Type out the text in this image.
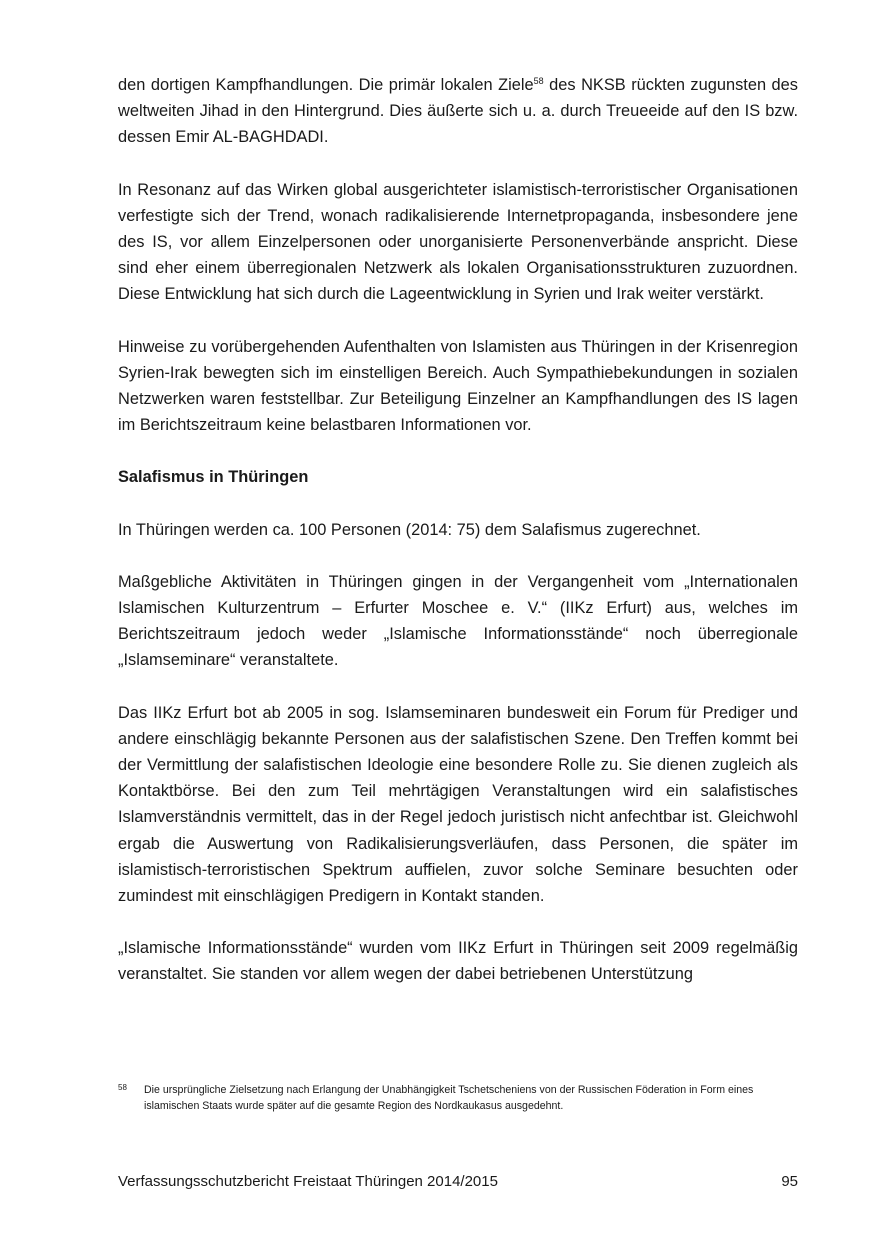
den dortigen Kampfhandlungen. Die primär lokalen Ziele$^{58}$ des NKSB rückten zugunsten des weltweiten Jihad in den Hintergrund. Dies äußerte sich u. a. durch Treueeide auf den IS bzw. dessen Emir AL-BAGHDADI.

In Resonanz auf das Wirken global ausgerichteter islamistisch-terroristischer Organisationen verfestigte sich der Trend, wonach radikalisierende Internetpropaganda, insbesondere jene des IS, vor allem Einzelpersonen oder unorganisierte Personenverbände anspricht. Diese sind eher einem überregionalen Netzwerk als lokalen Organisationsstrukturen zuzuordnen. Diese Entwicklung hat sich durch die Lageentwicklung in Syrien und Irak weiter verstärkt.

Hinweise zu vorübergehenden Aufenthalten von Islamisten aus Thüringen in der Krisenregion Syrien-Irak bewegten sich im einstelligen Bereich. Auch Sympathiebekundungen in sozialen Netzwerken waren feststellbar. Zur Beteiligung Einzelner an Kampfhandlungen des IS lagen im Berichtszeitraum keine belastbaren Informationen vor.

Salafismus in Thüringen

In Thüringen werden ca. 100 Personen (2014: 75) dem Salafismus zugerechnet.

Maßgebliche Aktivitäten in Thüringen gingen in der Vergangenheit vom „Internationalen Islamischen Kulturzentrum – Erfurter Moschee e. V.“ (IIKz Erfurt) aus, welches im Berichtszeitraum jedoch weder „Islamische Informationsstände“ noch überregionale „Islamseminare“ veranstaltete.

Das IIKz Erfurt bot ab 2005 in sog. Islamseminaren bundesweit ein Forum für Prediger und andere einschlägig bekannte Personen aus der salafistischen Szene. Den Treffen kommt bei der Vermittlung der salafistischen Ideologie eine besondere Rolle zu. Sie dienen zugleich als Kontaktbörse. Bei den zum Teil mehrtägigen Veranstaltungen wird ein salafistisches Islamverständnis vermittelt, das in der Regel jedoch juristisch nicht anfechtbar ist. Gleichwohl ergab die Auswertung von Radikalisierungsverläufen, dass Personen, die später im islamistisch-terroristischen Spektrum auffielen, zuvor solche Seminare besuchten oder zumindest mit einschlägigen Predigern in Kontakt standen.

„Islamische Informationsstände“ wurden vom IIKz Erfurt in Thüringen seit 2009 regelmäßig veranstaltet. Sie standen vor allem wegen der dabei betriebenen Unterstützung

58	Die ursprüngliche Zielsetzung nach Erlangung der Unabhängigkeit Tschetscheniens von der Russischen Föderation in Form eines islamischen Staats wurde später auf die gesamte Region des Nordkaukasus ausgedehnt.
Verfassungsschutzbericht Freistaat Thüringen 2014/2015	95
